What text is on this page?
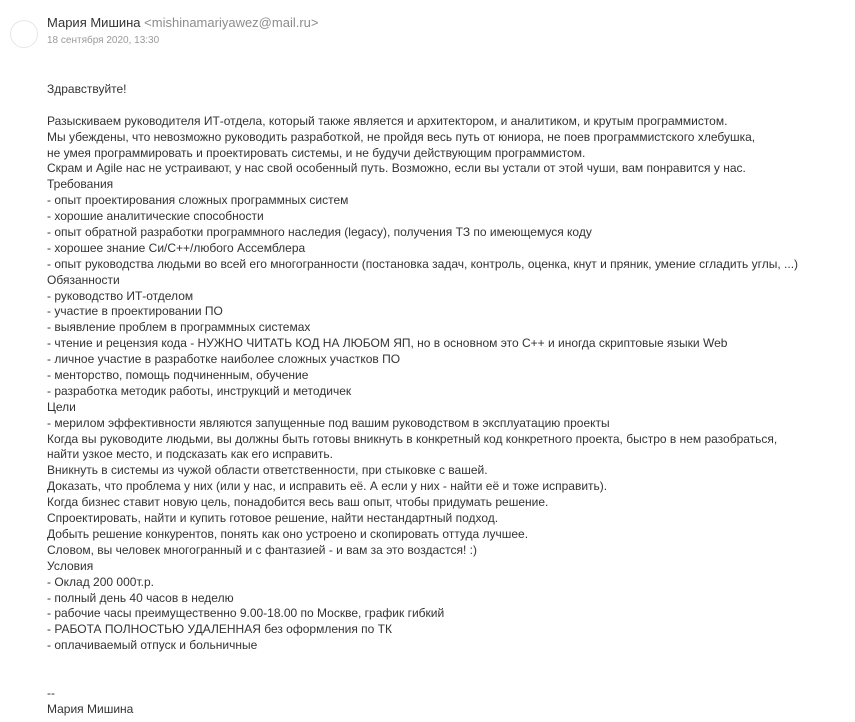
Мария Мишина <mishinamariyawez@mail.ru>
18 сентября 2020, 13:30
Здравствуйте!
Разыскиваем руководителя ИТ-отдела, который также является и архитектором, и аналитиком, и крутым программистом.
Мы убеждены, что невозможно руководить разработкой, не пройдя весь путь от юниора, не поев программистского хлебушка,
не умея программировать и проектировать системы, и не будучи действующим программистом.
Скрам и Agile нас не устраивают, у нас свой особенный путь. Возможно, если вы устали от этой чуши, вам понравится у нас.
Требования
- опыт проектирования сложных программных систем
- хорошие аналитические способности
- опыт обратной разработки программного наследия (legacy), получения ТЗ по имеющемуся коду
- хорошее знание Си/С++/любого Ассемблера
- опыт руководства людьми во всей его многогранности (постановка задач, контроль, оценка, кнут и пряник, умение сгладить углы, ...)
Обязанности
- руководство ИТ-отделом
- участие в проектировании ПО
- выявление проблем в программных системах
- чтение и рецензия кода - НУЖНО ЧИТАТЬ КОД НА ЛЮБОМ ЯП, но в основном это С++ и иногда скриптовые языки Web
- личное участие в разработке наиболее сложных участков ПО
- менторство, помощь подчиненным, обучение
- разработка методик работы, инструкций и методичек
Цели
- мерилом эффективности являются запущенные под вашим руководством в эксплуатацию проекты
Когда вы руководите людьми, вы должны быть готовы вникнуть в конкретный код конкретного проекта, быстро в нем разобраться,
найти узкое место, и подсказать как его исправить.
Вникнуть в системы из чужой области ответственности, при стыковке с вашей.
Доказать, что проблема у них (или у нас, и исправить её. А если у них - найти её и тоже исправить).
Когда бизнес ставит новую цель, понадобится весь ваш опыт, чтобы придумать решение.
Спроектировать, найти и купить готовое решение, найти нестандартный подход.
Добыть решение конкурентов, понять как оно устроено и скопировать оттуда лучшее.
Словом, вы человек многогранный и с фантазией - и вам за это воздастся! :)
Условия
- Оклад 200 000т.р.
- полный день 40 часов в неделю
- рабочие часы преимущественно 9.00-18.00 по Москве, график гибкий
- РАБОТА ПОЛНОСТЬЮ УДАЛЕННАЯ без оформления по ТК
- оплачиваемый отпуск и больничные
--
Мария Мишина
